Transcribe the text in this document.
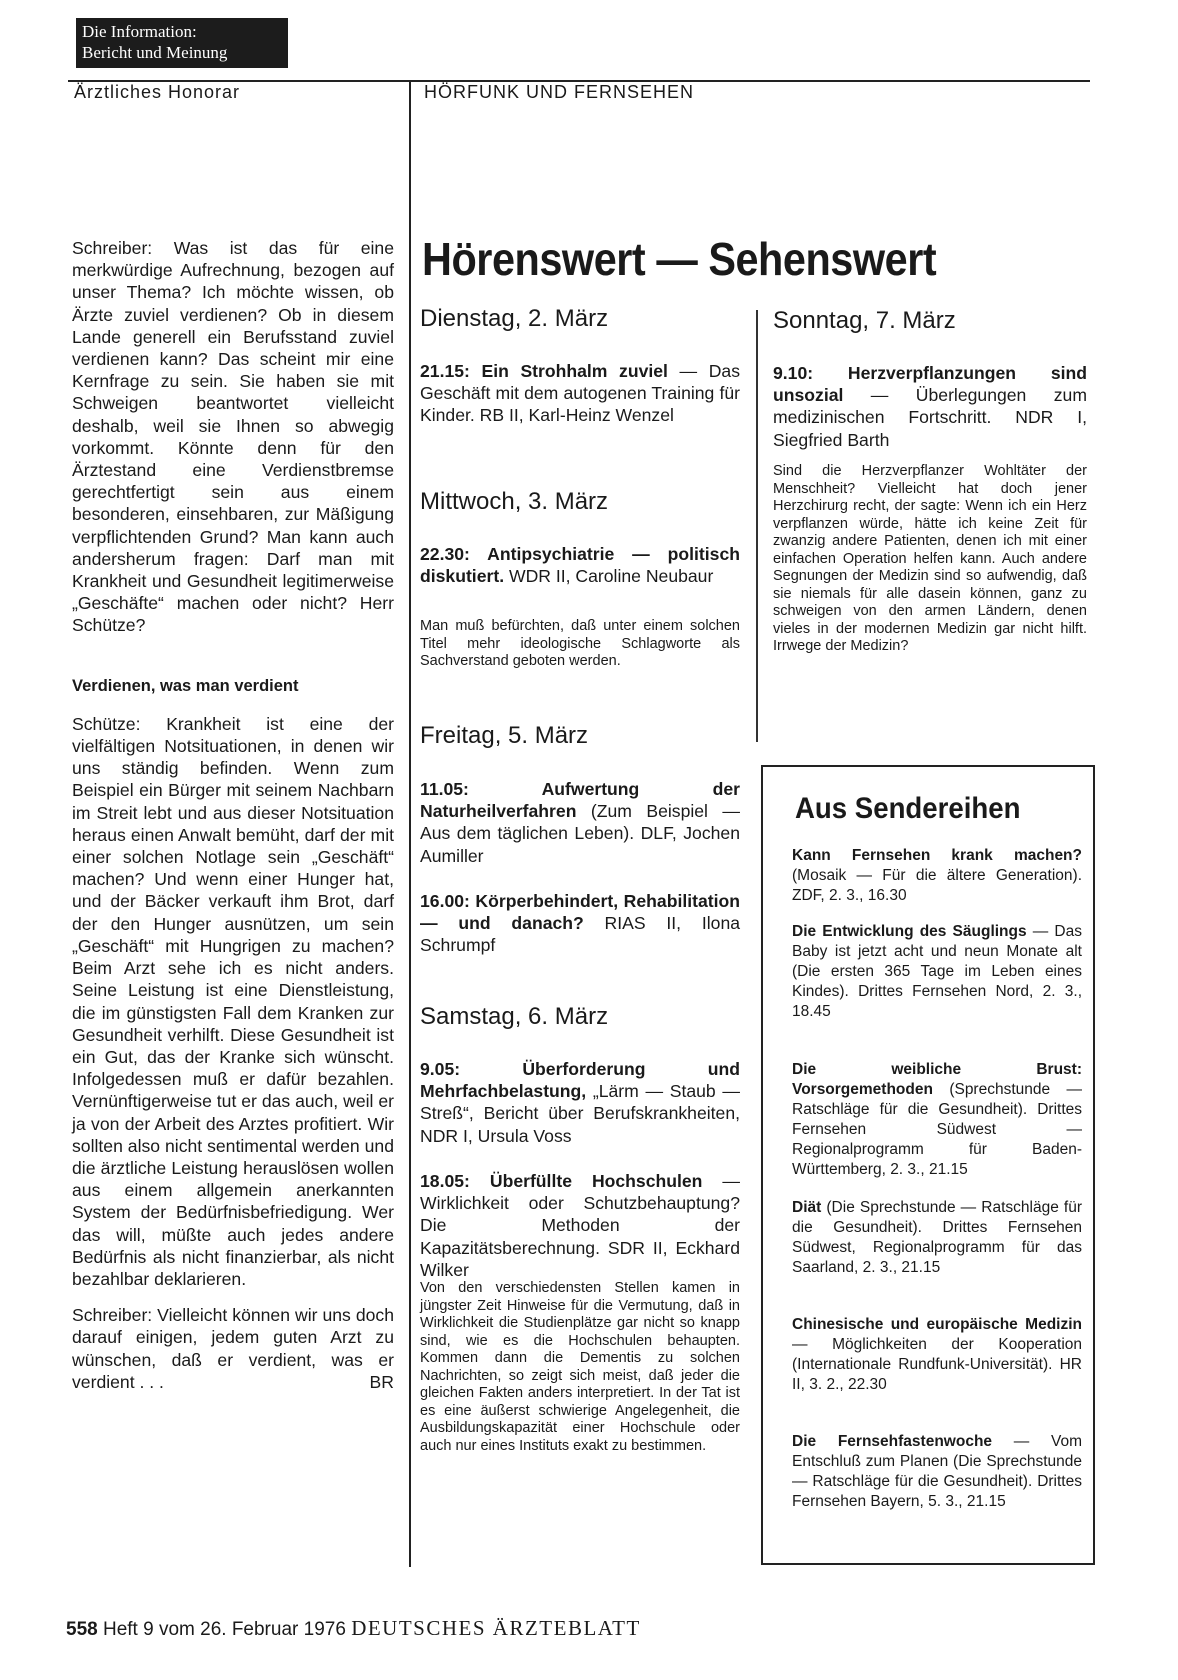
Die Information:
Bericht und Meinung
Ärztliches Honorar	HÖRFUNK UND FERNSEHEN

Schreiber: Was ist das für eine merkwürdige Aufrechnung, bezogen auf unser Thema? Ich möchte wissen, ob Ärzte zuviel verdienen? Ob in diesem Lande generell ein Berufsstand zuviel verdienen kann? Das scheint mir eine Kernfrage zu sein. Sie haben sie mit Schweigen beantwortet vielleicht deshalb, weil sie Ihnen so abwegig vorkommt. Könnte denn für den Ärztestand eine Verdienstbremse gerechtfertigt sein aus einem besonderen, einsehbaren, zur Mäßigung verpflichtenden Grund? Man kann auch andersherum fragen: Darf man mit Krankheit und Gesundheit legitimerweise „Geschäfte“ machen oder nicht? Herr Schütze?

Verdienen, was man verdient

Schütze: Krankheit ist eine der vielfältigen Notsituationen, in denen wir uns ständig befinden. Wenn zum Beispiel ein Bürger mit seinem Nachbarn im Streit lebt und aus dieser Notsituation heraus einen Anwalt bemüht, darf der mit einer solchen Notlage sein „Geschäft“ machen? Und wenn einer Hunger hat, und der Bäcker verkauft ihm Brot, darf der den Hunger ausnützen, um sein „Geschäft“ mit Hungrigen zu machen? Beim Arzt sehe ich es nicht anders. Seine Leistung ist eine Dienstleistung, die im günstigsten Fall dem Kranken zur Gesundheit verhilft. Diese Gesundheit ist ein Gut, das der Kranke sich wünscht. Infolgedessen muß er dafür bezahlen. Vernünftigerweise tut er das auch, weil er ja von der Arbeit des Arztes profitiert. Wir sollten also nicht sentimental werden und die ärztliche Leistung herauslösen wollen aus einem allgemein anerkannten System der Bedürfnisbefriedigung. Wer das will, müßte auch jedes andere Bedürfnis als nicht finanzierbar, als nicht bezahlbar deklarieren.

Schreiber: Vielleicht können wir uns doch darauf einigen, jedem guten Arzt zu wünschen, daß er verdient, was er verdient . . .	BR

Hörenswert — Sehenswert
Dienstag, 2. März
21.15: Ein Strohhalm zuviel — Das Geschäft mit dem autogenen Training für Kinder. RB II, Karl-Heinz Wenzel
Mittwoch, 3. März
22.30: Antipsychiatrie — politisch diskutiert. WDR II, Caroline Neubaur
Man muß befürchten, daß unter einem solchen Titel mehr ideologische Schlagworte als Sachverstand geboten werden.
Freitag, 5. März
11.05: Aufwertung der Naturheilverfahren (Zum Beispiel — Aus dem täglichen Leben). DLF, Jochen Aumiller
16.00: Körperbehindert, Rehabilitation — und danach? RIAS II, Ilona Schrumpf
Samstag, 6. März
9.05: Überforderung und Mehrfachbelastung, „Lärm — Staub — Streß“, Bericht über Berufskrankheiten, NDR I, Ursula Voss
18.05: Überfüllte Hochschulen — Wirklichkeit oder Schutzbehauptung? Die Methoden der Kapazitätsberechnung. SDR II, Eckhard Wilker
Von den verschiedensten Stellen kamen in jüngster Zeit Hinweise für die Vermutung, daß in Wirklichkeit die Studienplätze gar nicht so knapp sind, wie es die Hochschulen behaupten. Kommen dann die Dementis zu solchen Nachrichten, so zeigt sich meist, daß jeder die gleichen Fakten anders interpretiert. In der Tat ist es eine äußerst schwierige Angelegenheit, die Ausbildungskapazität einer Hochschule oder auch nur eines Instituts exakt zu bestimmen.
Sonntag, 7. März
9.10: Herzverpflanzungen sind unsozial — Überlegungen zum medizinischen Fortschritt. NDR I, Siegfried Barth
Sind die Herzverpflanzer Wohltäter der Menschheit? Vielleicht hat doch jener Herzchirurg recht, der sagte: Wenn ich ein Herz verpflanzen würde, hätte ich keine Zeit für zwanzig andere Patienten, denen ich mit einer einfachen Operation helfen kann. Auch andere Segnungen der Medizin sind so aufwendig, daß sie niemals für alle dasein können, ganz zu schweigen von den armen Ländern, denen vieles in der modernen Medizin gar nicht hilft. Irrwege der Medizin?
Aus Sendereihen
Kann Fernsehen krank machen? (Mosaik — Für die ältere Generation). ZDF, 2. 3., 16.30
Die Entwicklung des Säuglings — Das Baby ist jetzt acht und neun Monate alt (Die ersten 365 Tage im Leben eines Kindes). Drittes Fernsehen Nord, 2. 3., 18.45
Die weibliche Brust: Vorsorgemethoden (Sprechstunde — Ratschläge für die Gesundheit). Drittes Fernsehen Südwest — Regionalprogramm für Baden-Württemberg, 2. 3., 21.15
Diät (Die Sprechstunde — Ratschläge für die Gesundheit). Drittes Fernsehen Südwest, Regionalprogramm für das Saarland, 2. 3., 21.15
Chinesische und europäische Medizin — Möglichkeiten der Kooperation (Internationale Rundfunk-Universität). HR II, 3. 2., 22.30
Die Fernsehfastenwoche — Vom Entschluß zum Planen (Die Sprechstunde — Ratschläge für die Gesundheit). Drittes Fernsehen Bayern, 5. 3., 21.15
558 Heft 9 vom 26. Februar 1976 DEUTSCHES ÄRZTEBLATT
